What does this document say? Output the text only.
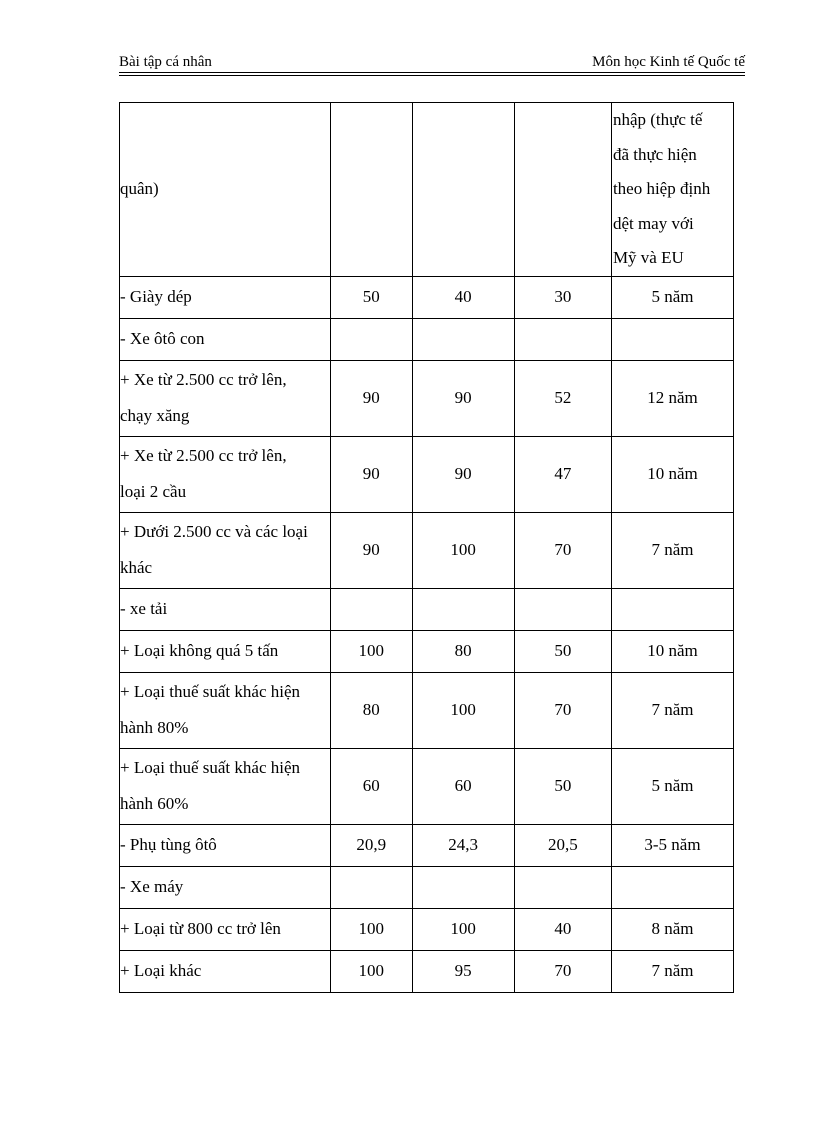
Bài tập cá nhân	Môn học Kinh tế Quốc tế
quân)				nhập (thực tế
đã thực hiện
theo hiệp định
dệt may với
Mỹ và EU

- Giày dép	50	40	30	5 năm

- Xe ôtô con				

+ Xe từ 2.500 cc trở lên,
chạy xăng	90	90	52	12 năm

+ Xe từ 2.500 cc trở lên,
loại 2 cầu	90	90	47	10 năm

+ Dưới 2.500 cc và các loại
khác	90	100	70	7 năm

- xe tải				

+ Loại không quá 5 tấn	100	80	50	10 năm

+ Loại thuế suất khác hiện
hành 80%	80	100	70	7 năm

+ Loại thuế suất khác hiện
hành 60%	60	60	50	5 năm

- Phụ tùng ôtô	20,9	24,3	20,5	3-5 năm

- Xe máy				

+ Loại từ 800 cc trở lên	100	100	40	8 năm

+ Loại khác	100	95	70	7 năm
